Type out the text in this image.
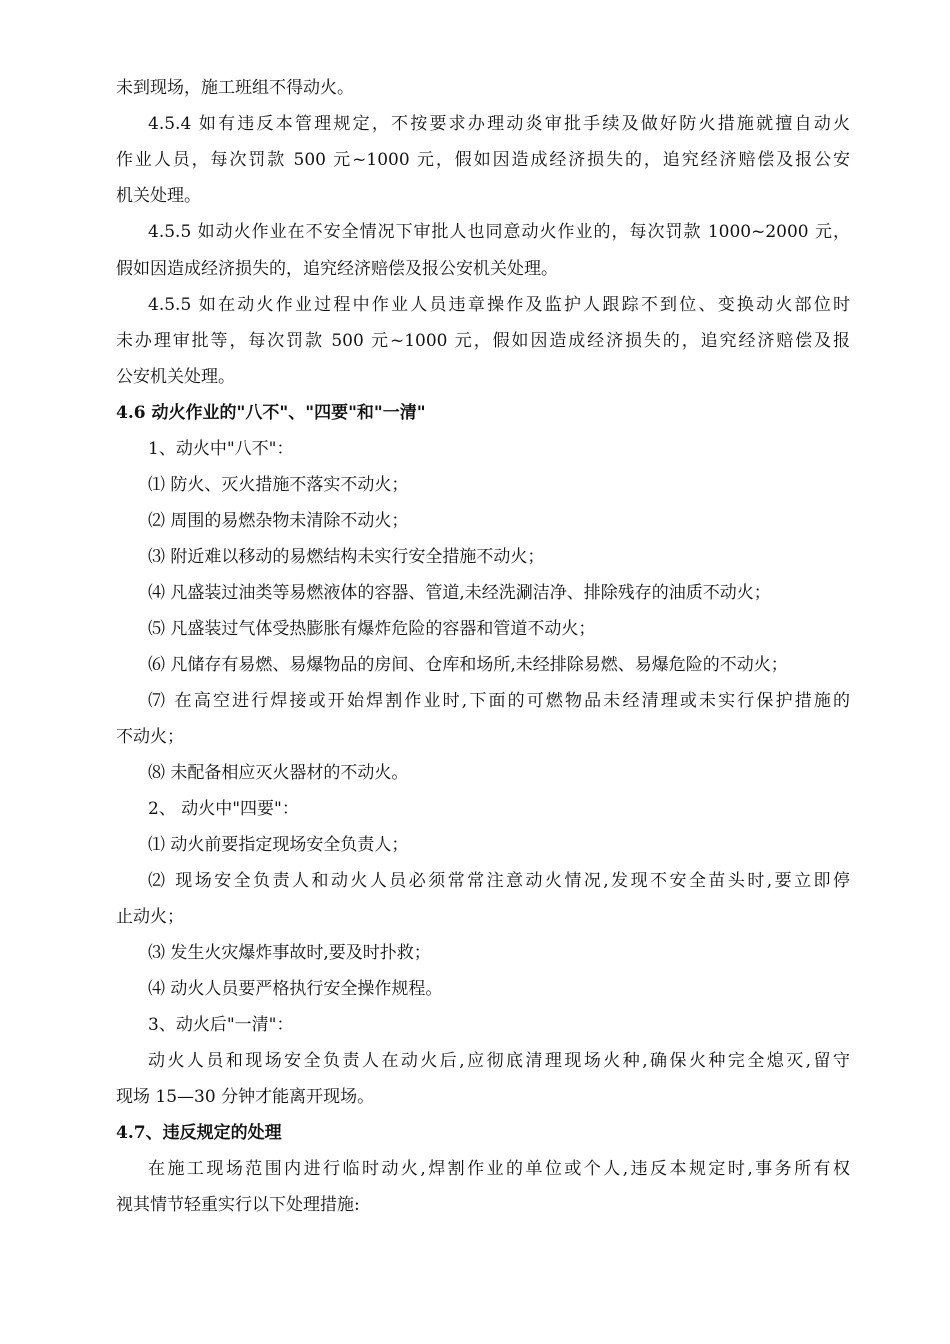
未到现场，施工班组不得动火。
4.5.4 如有违反本管理规定，不按要求办理动炎审批手续及做好防火措施就擅自动火
作业人员，每次罚款 500 元~1000 元，假如因造成经济损失的，追究经济赔偿及报公安
机关处理。
4.5.5 如动火作业在不安全情况下审批人也同意动火作业的，每次罚款 1000~2000 元，
假如因造成经济损失的，追究经济赔偿及报公安机关处理。
4.5.5 如在动火作业过程中作业人员违章操作及监护人跟踪不到位、变换动火部位时
未办理审批等，每次罚款 500 元~1000 元，假如因造成经济损失的，追究经济赔偿及报
公安机关处理。
4.6 动火作业的"八不"、"四要"和"一清"
1、动火中"八不"：
⑴ 防火、灭火措施不落实不动火；
⑵ 周围的易燃杂物未清除不动火；
⑶ 附近难以移动的易燃结构未实行安全措施不动火；
⑷ 凡盛装过油类等易燃液体的容器、管道,未经洗涮洁净、排除残存的油质不动火；
⑸ 凡盛装过气体受热膨胀有爆炸危险的容器和管道不动火；
⑹ 凡储存有易燃、易爆物品的房间、仓库和场所,未经排除易燃、易爆危险的不动火；
⑺ 在高空进行焊接或开始焊割作业时,下面的可燃物品未经清理或未实行保护措施的
不动火；
⑻ 未配备相应灭火器材的不动火。
2、 动火中"四要"：
⑴ 动火前要指定现场安全负责人；
⑵ 现场安全负责人和动火人员必须常常注意动火情况,发现不安全苗头时,要立即停
止动火；
⑶ 发生火灾爆炸事故时,要及时扑救；
⑷ 动火人员要严格执行安全操作规程。
3、动火后"一清"：
动火人员和现场安全负责人在动火后,应彻底清理现场火种,确保火种完全熄灭,留守
现场 15—30 分钟才能离开现场。
4.7、违反规定的处理
在施工现场范围内进行临时动火,焊割作业的单位或个人,违反本规定时,事务所有权
视其情节轻重实行以下处理措施:
